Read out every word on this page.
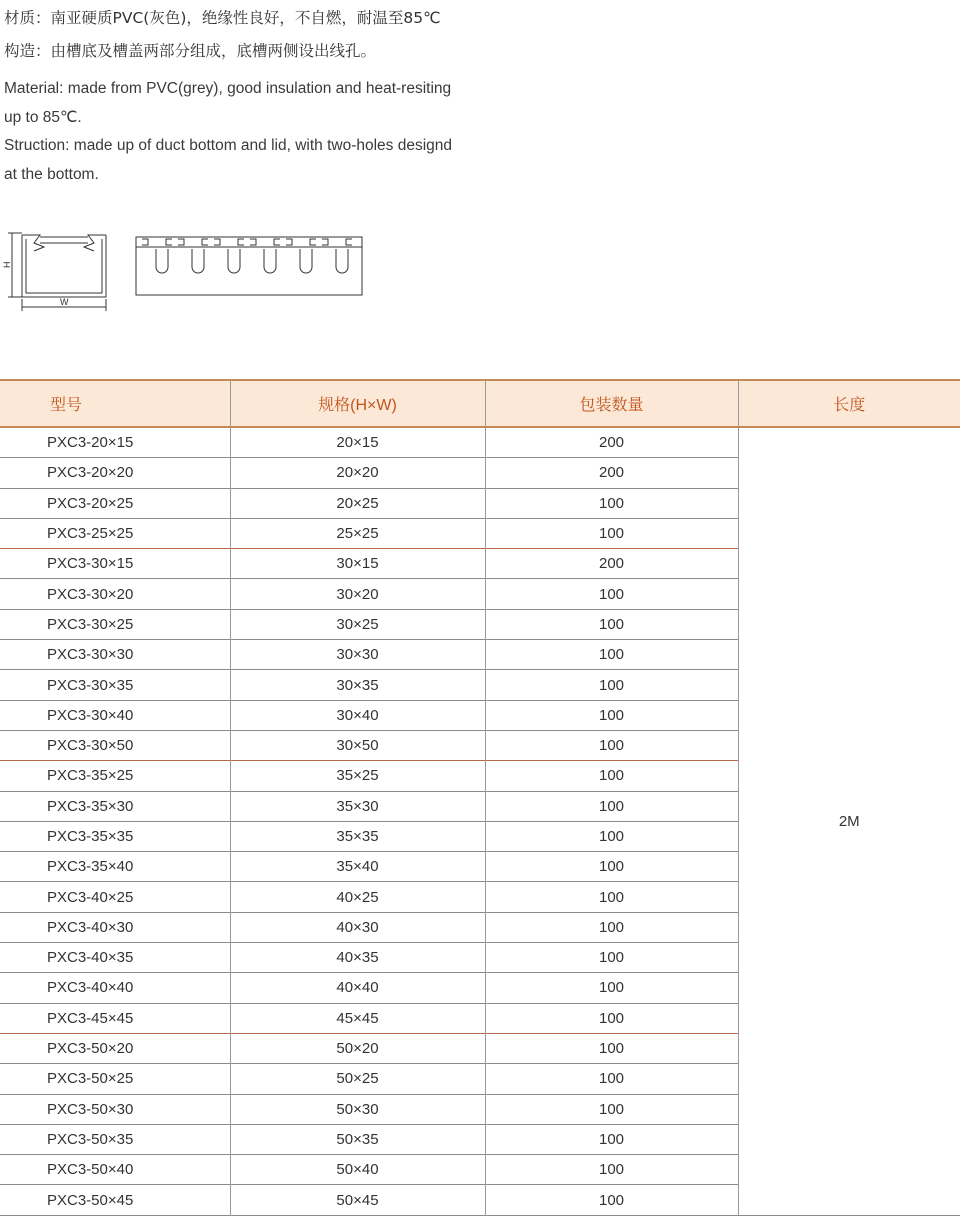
材质：南亚硬质PVC(灰色)，绝缘性良好，不自燃，耐温至85℃
构造：由槽底及槽盖两部分组成，底槽两侧设出线孔。

Material: made from PVC(grey), good insulation and heat-resiting

up to 85℃.

Struction: made up of duct bottom and lid, with two-holes designd

at the bottom.

H
W
型号	规格(H×W)	包装数量	长度
PXC3-20×15	20×15	200	2M
PXC3-20×20	20×20	200	
PXC3-20×25	20×25	100	
PXC3-25×25	25×25	100	
PXC3-30×15	30×15	200	
PXC3-30×20	30×20	100	
PXC3-30×25	30×25	100	
PXC3-30×30	30×30	100	
PXC3-30×35	30×35	100	
PXC3-30×40	30×40	100	
PXC3-30×50	30×50	100	
PXC3-35×25	35×25	100	
PXC3-35×30	35×30	100	
PXC3-35×35	35×35	100	
PXC3-35×40	35×40	100	
PXC3-40×25	40×25	100	
PXC3-40×30	40×30	100	
PXC3-40×35	40×35	100	
PXC3-40×40	40×40	100	
PXC3-45×45	45×45	100	
PXC3-50×20	50×20	100	
PXC3-50×25	50×25	100	
PXC3-50×30	50×30	100	
PXC3-50×35	50×35	100	
PXC3-50×40	50×40	100	
PXC3-50×45	50×45	100	
